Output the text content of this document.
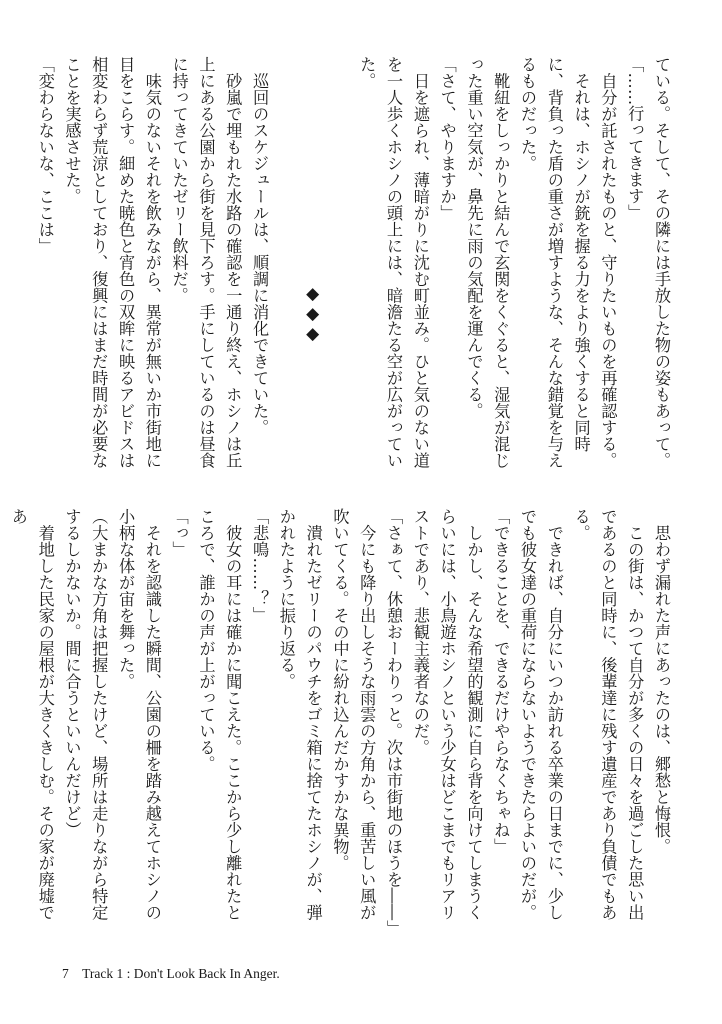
ている。そして、その隣には手放した物の姿もあって。

「……行ってきます」

　自分が託されたものと、守りたいものを再確認する。

　それは、ホシノが銃を握る力をより強くすると同時に、背負った盾の重さが増すような、そんな錯覚を与えるものだった。

　靴紐をしっかりと結んで玄関をくぐると、湿気が混じった重い空気が、鼻先に雨の気配を運んでくる。

「さて、やりますか」

　日を遮られ、薄暗がりに沈む町並み。ひと気のない道を一人歩くホシノの頭上には、暗澹たる空が広がっていた。

◆◆◆

　巡回のスケジュールは、順調に消化できていた。

　砂嵐で埋もれた水路の確認を一通り終え、ホシノは丘上にある公園から街を見下ろす。手にしているのは昼食に持ってきていたゼリー飲料だ。

　味気のないそれを飲みながら、異常が無いか市街地に目をこらす。細めた暁色と宵色の双眸に映るアビドスは相変わらず荒涼としており、復興にはまだ時間が必要なことを実感させた。

「変わらないな、ここは」

　思わず漏れた声にあったのは、郷愁と悔恨。

　この街は、かつて自分が多くの日々を過ごした思い出であるのと同時に、後輩達に残す遺産であり負債でもある。

　できれば、自分にいつか訪れる卒業の日までに、少しでも彼女達の重荷にならないようできたらよいのだが。

「できることを、できるだけやらなくちゃね」

　しかし、そんな希望的観測に自ら背を向けてしまうくらいには、小鳥遊ホシノという少女はどこまでもリアリストであり、悲観主義者なのだ。

「さぁて、休憩おーわりっと。次は市街地のほうを――」

　今にも降り出しそうな雨雲の方角から、重苦しい風が吹いてくる。その中に紛れ込んだかすかな異物。

　潰れたゼリーのパウチをゴミ箱に捨てたホシノが、弾かれたように振り返る。

「悲鳴……？」

　彼女の耳には確かに聞こえた。ここから少し離れたところで、誰かの声が上がっている。

「っ」

　それを認識した瞬間、公園の柵を踏み越えてホシノの小柄な体が宙を舞った。

（大まかな方角は把握したけど、場所は走りながら特定するしかないか。間に合うといいんだけど）

　着地した民家の屋根が大きくきしむ。その家が廃墟であ

7 Track 1 : Don't Look Back In Anger.
